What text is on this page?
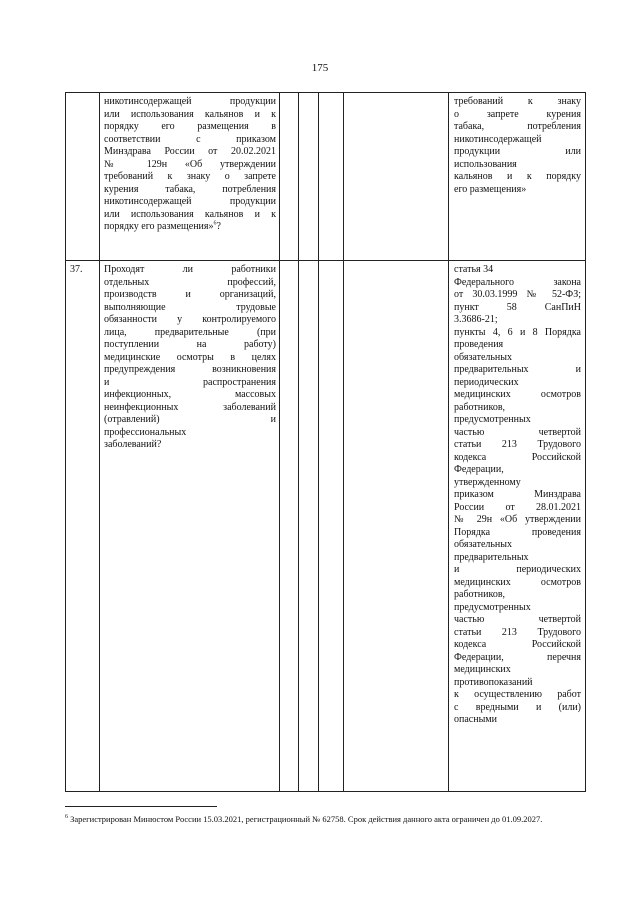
175

никотинсодержащей продукции

или использования кальянов и к

порядку его размещения в

соответствии с приказом

Минздрава России от 20.02.2021

№ 129н «Об утверждении

требований к знаку о запрете

курения табака, потребления

никотинсодержащей продукции

или использования кальянов и к

порядку его размещения»$^6$?

требований к знаку

о запрете курения

табака, потребления

никотинсодержащей

продукции или

использования

кальянов и к порядку

его размещения»

37.	Проходят ли работники

отдельных профессий,

производств и организаций,

выполняющие трудовые

обязанности у контролируемого

лица, предварительные (при

поступлении на работу)

медицинские осмотры в целях

предупреждения возникновения

и распространения

инфекционных, массовых

неинфекционных заболеваний

(отравлений) и

профессиональных

заболеваний?

статья 34

Федерального закона

от 30.03.1999 № 52-ФЗ;

пункт 58 СанПиН

3.3686-21;

пункты 4, 6 и 8 Порядка

проведения

обязательных

предварительных и

периодических

медицинских осмотров

работников,

предусмотренных

частью четвертой

статьи 213 Трудового

кодекса Российской

Федерации,

утвержденному

приказом Минздрава

России от 28.01.2021

№ 29н «Об утверждении

Порядка проведения

обязательных

предварительных

и периодических

медицинских осмотров

работников,

предусмотренных

частью четвертой

статьи 213 Трудового

кодекса Российской

Федерации, перечня

медицинских

противопоказаний

к осуществлению работ

с вредными и (или)

опасными

$^6$ Зарегистрирован Минюстом России 15.03.2021, регистрационный № 62758. Срок действия данного акта ограничен до 01.09.2027.
